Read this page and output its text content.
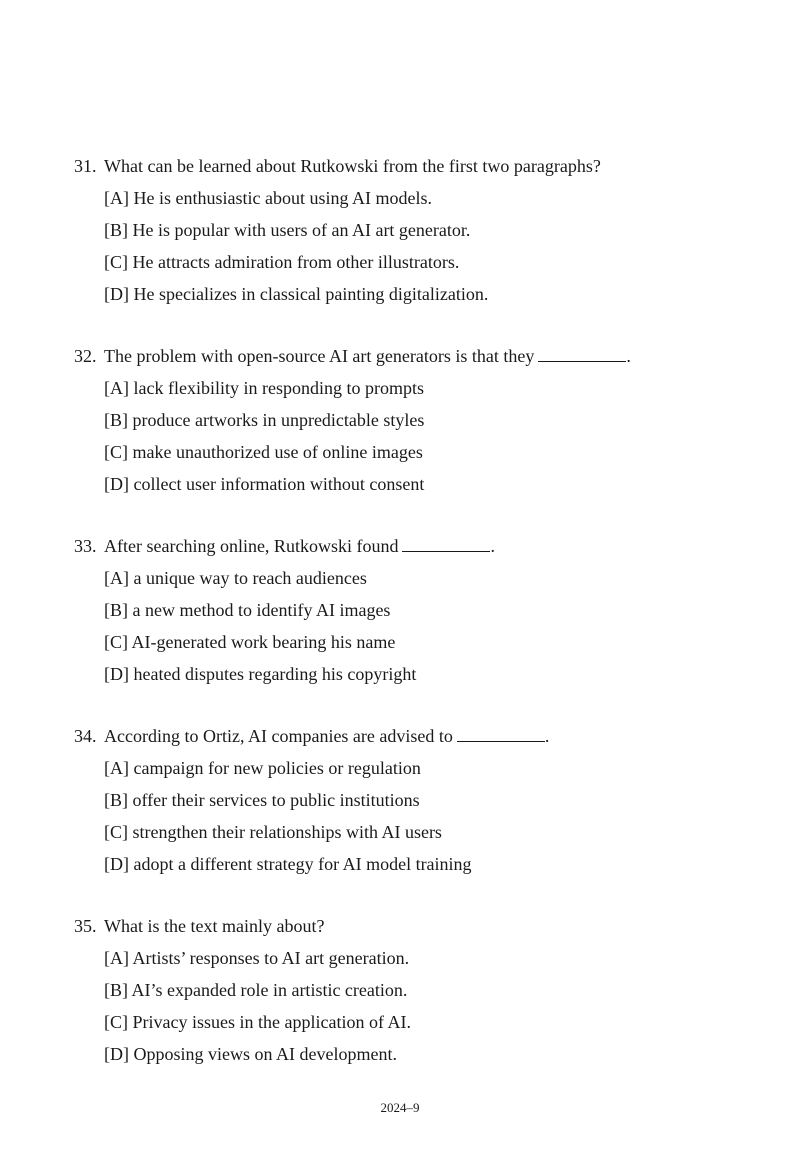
31. What can be learned about Rutkowski from the first two paragraphs?
[A] He is enthusiastic about using AI models.
[B] He is popular with users of an AI art generator.
[C] He attracts admiration from other illustrators.
[D] He specializes in classical painting digitalization.
32. The problem with open-source AI art generators is that they	.
[A] lack flexibility in responding to prompts
[B] produce artworks in unpredictable styles
[C] make unauthorized use of online images
[D] collect user information without consent
33. After searching online, Rutkowski found	.
[A] a unique way to reach audiences
[B] a new method to identify AI images
[C] AI-generated work bearing his name
[D] heated disputes regarding his copyright
34. According to Ortiz, AI companies are advised to	.
[A] campaign for new policies or regulation
[B] offer their services to public institutions
[C] strengthen their relationships with AI users
[D] adopt a different strategy for AI model training
35. What is the text mainly about?
[A] Artists’ responses to AI art generation.
[B] AI’s expanded role in artistic creation.
[C] Privacy issues in the application of AI.
[D] Opposing views on AI development.
2024–9
